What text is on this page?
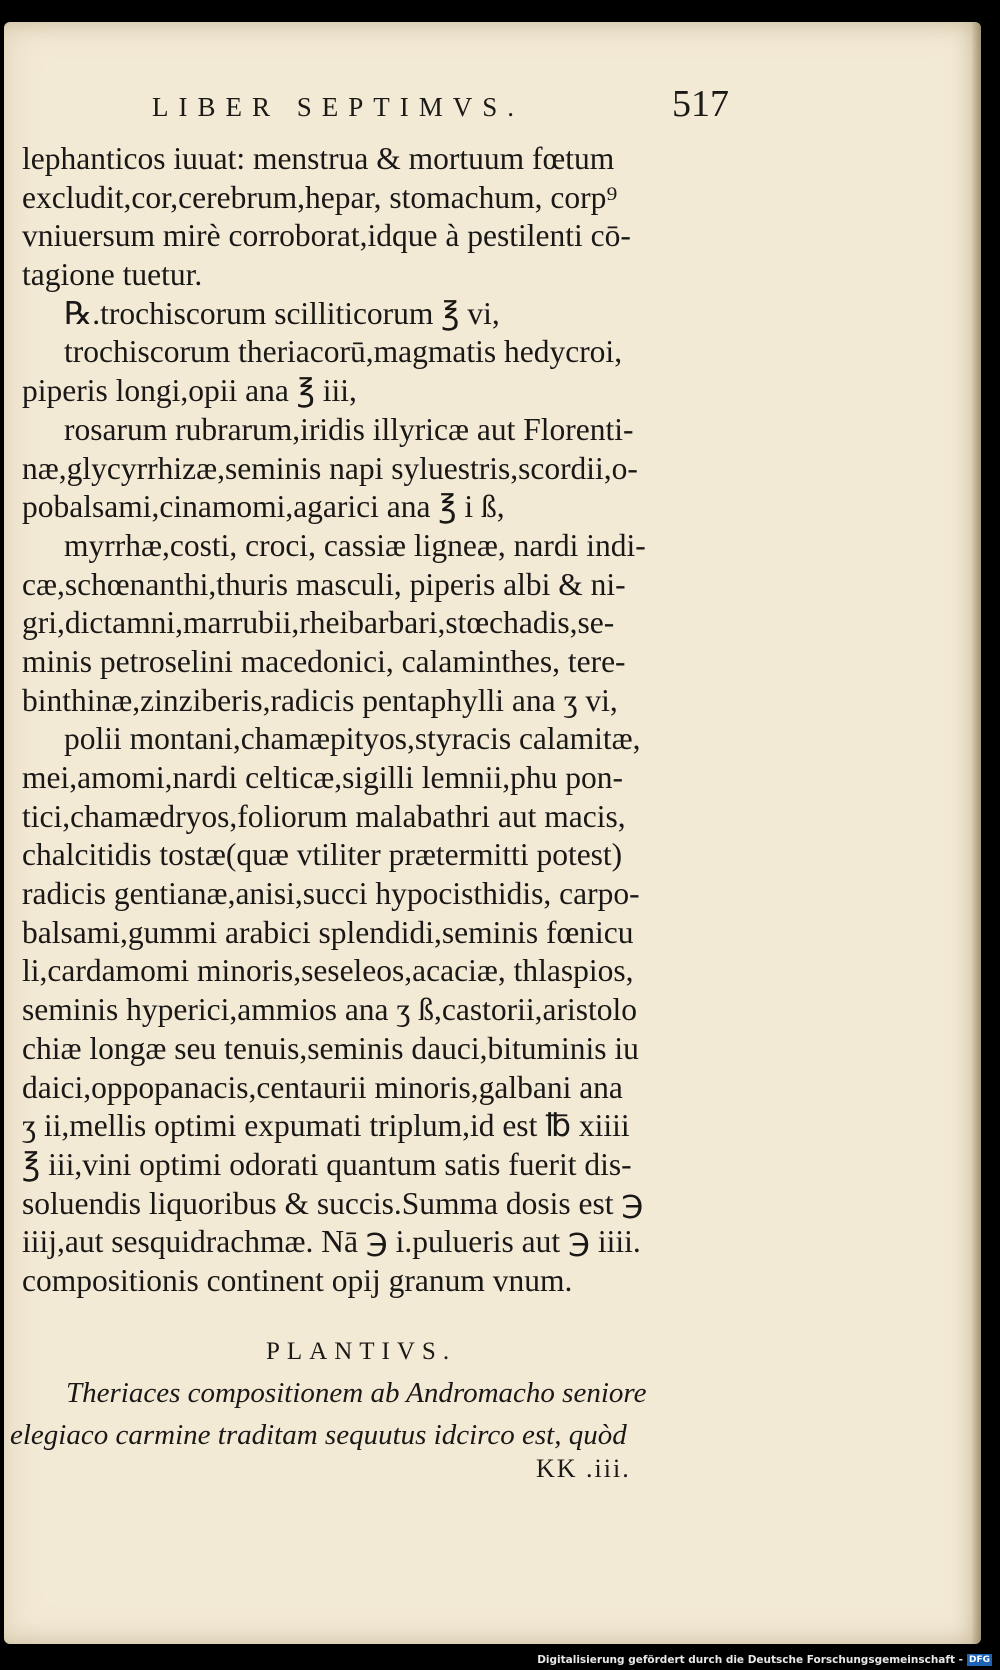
LIBER SEPTIMVS.	517
lephanticos iuuat: menstrua & mortuum fœtum
excludit,cor,cerebrum,hepar, stomachum, corp⁹
vniuersum mirè corroborat,idque à pestilenti cō-
tagione tuetur.
℞.trochiscorum scilliticorum ℥ vi,
trochiscorum theriacorū,magmatis hedycroi,
piperis longi,opii ana ℥ iii,
rosarum rubrarum,iridis illyricæ aut Florenti-
næ,glycyrrhizæ,seminis napi syluestris,scordii,o-
pobalsami,cinamomi,agarici ana ℥ i ß,
myrrhæ,costi, croci, cassiæ ligneæ, nardi indi-
cæ,schœnanthi,thuris masculi, piperis albi & ni-
gri,dictamni,marrubii,rheibarbari,stœchadis,se-
minis petroselini macedonici, calaminthes, tere-
binthinæ,zinziberis,radicis pentaphylli ana ʒ vi,
polii montani,chamæpityos,styracis calamitæ,
mei,amomi,nardi celticæ,sigilli lemnii,phu pon-
tici,chamædryos,foliorum malabathri aut macis,
chalcitidis tostæ(quæ vtiliter prætermitti potest)
radicis gentianæ,anisi,succi hypocisthidis, carpo-
balsami,gummi arabici splendidi,seminis fœnicu
li,cardamomi minoris,seseleos,acaciæ, thlaspios,
seminis hyperici,ammios ana ʒ ß,castorii,aristolo
chiæ longæ seu tenuis,seminis dauci,bituminis iu
daici,oppopanacis,centaurii minoris,galbani ana
ʒ ii,mellis optimi expumati triplum,id est ℔ xiiii
℥ iii,vini optimi odorati quantum satis fuerit dis-
soluendis liquoribus & succis.Summa dosis est ℈
iiij,aut sesquidrachmæ. Nā ℈ i.pulueris aut ℈ iiii.
compositionis continent opij granum vnum.
PLANTIVS.
Theriaces compositionem ab Andromacho seniore
elegiaco carmine traditam sequutus idcirco est, quòd
KK .iii.
Digitalisierung gefördert durch die Deutsche Forschungsgemeinschaft - DFG
